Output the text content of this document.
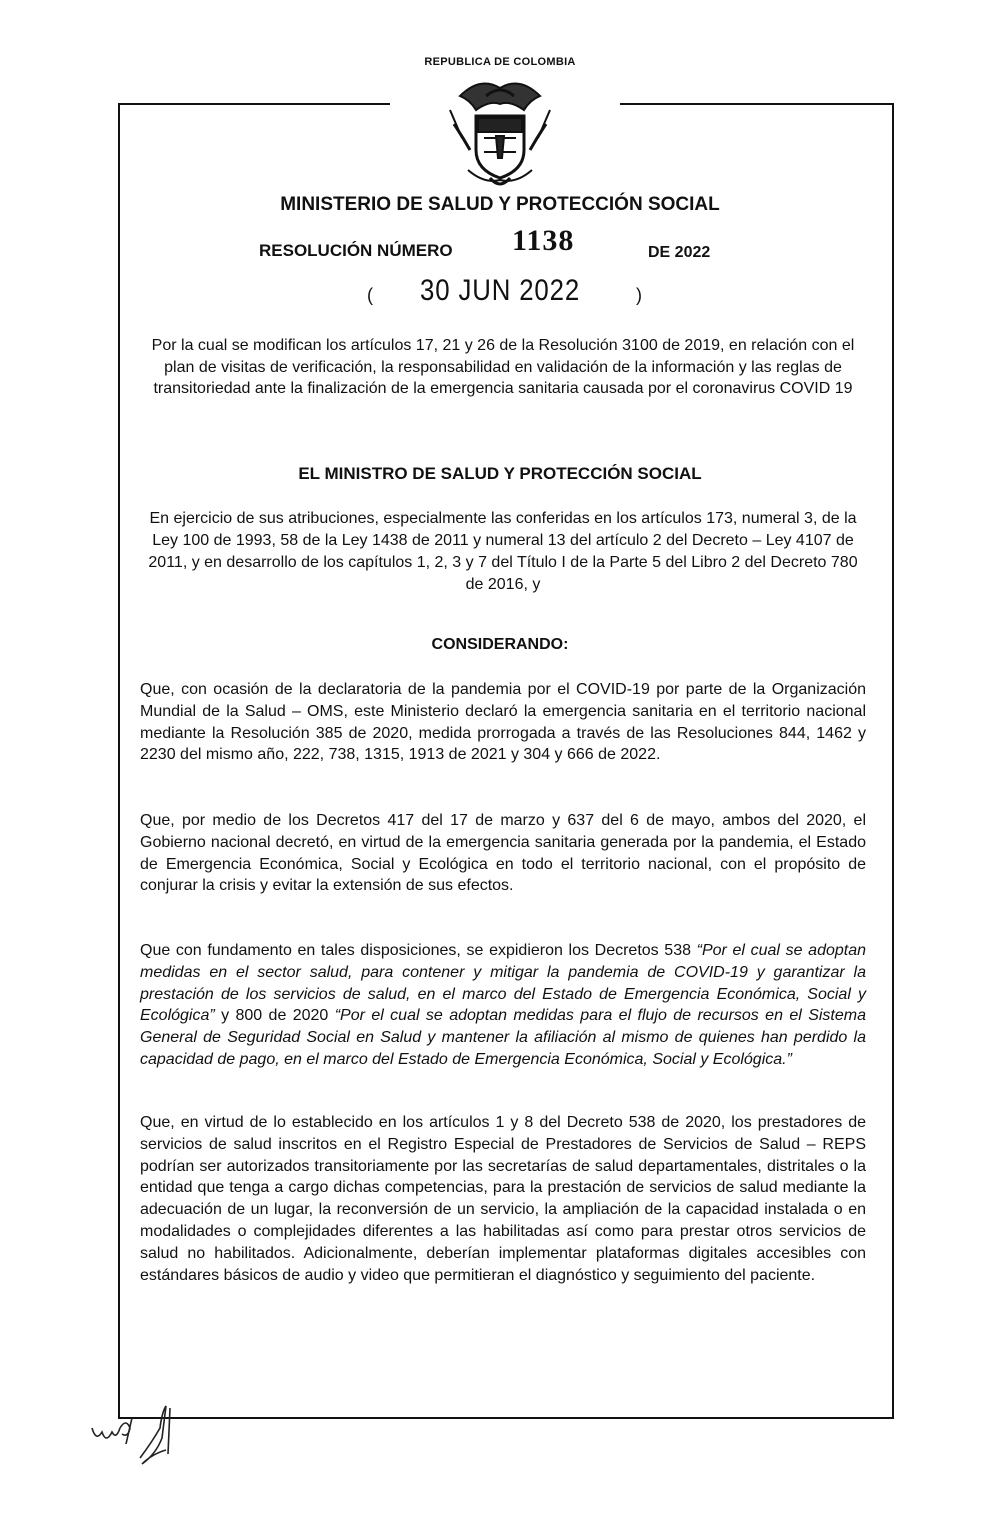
REPUBLICA DE COLOMBIA
MINISTERIO DE SALUD Y PROTECCIÓN SOCIAL
RESOLUCIÓN NÚMERO 1138	DE 2022
( 30 JUN 2022	)
Por la cual se modifican los artículos 17, 21 y 26 de la Resolución 3100 de 2019, en relación con el plan de visitas de verificación, la responsabilidad en validación de la información y las reglas de transitoriedad ante la finalización de la emergencia sanitaria causada por el coronavirus COVID 19
EL MINISTRO DE SALUD Y PROTECCIÓN SOCIAL
En ejercicio de sus atribuciones, especialmente las conferidas en los artículos 173, numeral 3, de la Ley 100 de 1993, 58 de la Ley 1438 de 2011 y numeral 13 del artículo 2 del Decreto – Ley 4107 de 2011, y en desarrollo de los capítulos 1, 2, 3 y 7 del Título I de la Parte 5 del Libro 2 del Decreto 780 de 2016, y
CONSIDERANDO:
Que, con ocasión de la declaratoria de la pandemia por el COVID-19 por parte de la Organización Mundial de la Salud – OMS, este Ministerio declaró la emergencia sanitaria en el territorio nacional mediante la Resolución 385 de 2020, medida prorrogada a través de las Resoluciones 844, 1462 y 2230 del mismo año, 222, 738, 1315, 1913 de 2021 y 304 y 666 de 2022.
Que, por medio de los Decretos 417 del 17 de marzo y 637 del 6 de mayo, ambos del 2020, el Gobierno nacional decretó, en virtud de la emergencia sanitaria generada por la pandemia, el Estado de Emergencia Económica, Social y Ecológica en todo el territorio nacional, con el propósito de conjurar la crisis y evitar la extensión de sus efectos.
Que con fundamento en tales disposiciones, se expidieron los Decretos 538 “Por el cual se adoptan medidas en el sector salud, para contener y mitigar la pandemia de COVID-19 y garantizar la prestación de los servicios de salud, en el marco del Estado de Emergencia Económica, Social y Ecológica” y 800 de 2020 “Por el cual se adoptan medidas para el flujo de recursos en el Sistema General de Seguridad Social en Salud y mantener la afiliación al mismo de quienes han perdido la capacidad de pago, en el marco del Estado de Emergencia Económica, Social y Ecológica.”
Que, en virtud de lo establecido en los artículos 1 y 8 del Decreto 538 de 2020, los prestadores de servicios de salud inscritos en el Registro Especial de Prestadores de Servicios de Salud – REPS podrían ser autorizados transitoriamente por las secretarías de salud departamentales, distritales o la entidad que tenga a cargo dichas competencias, para la prestación de servicios de salud mediante la adecuación de un lugar, la reconversión de un servicio, la ampliación de la capacidad instalada o en modalidades o complejidades diferentes a las habilitadas así como para prestar otros servicios de salud no habilitados. Adicionalmente, deberían implementar plataformas digitales accesibles con estándares básicos de audio y video que permitieran el diagnóstico y seguimiento del paciente.
